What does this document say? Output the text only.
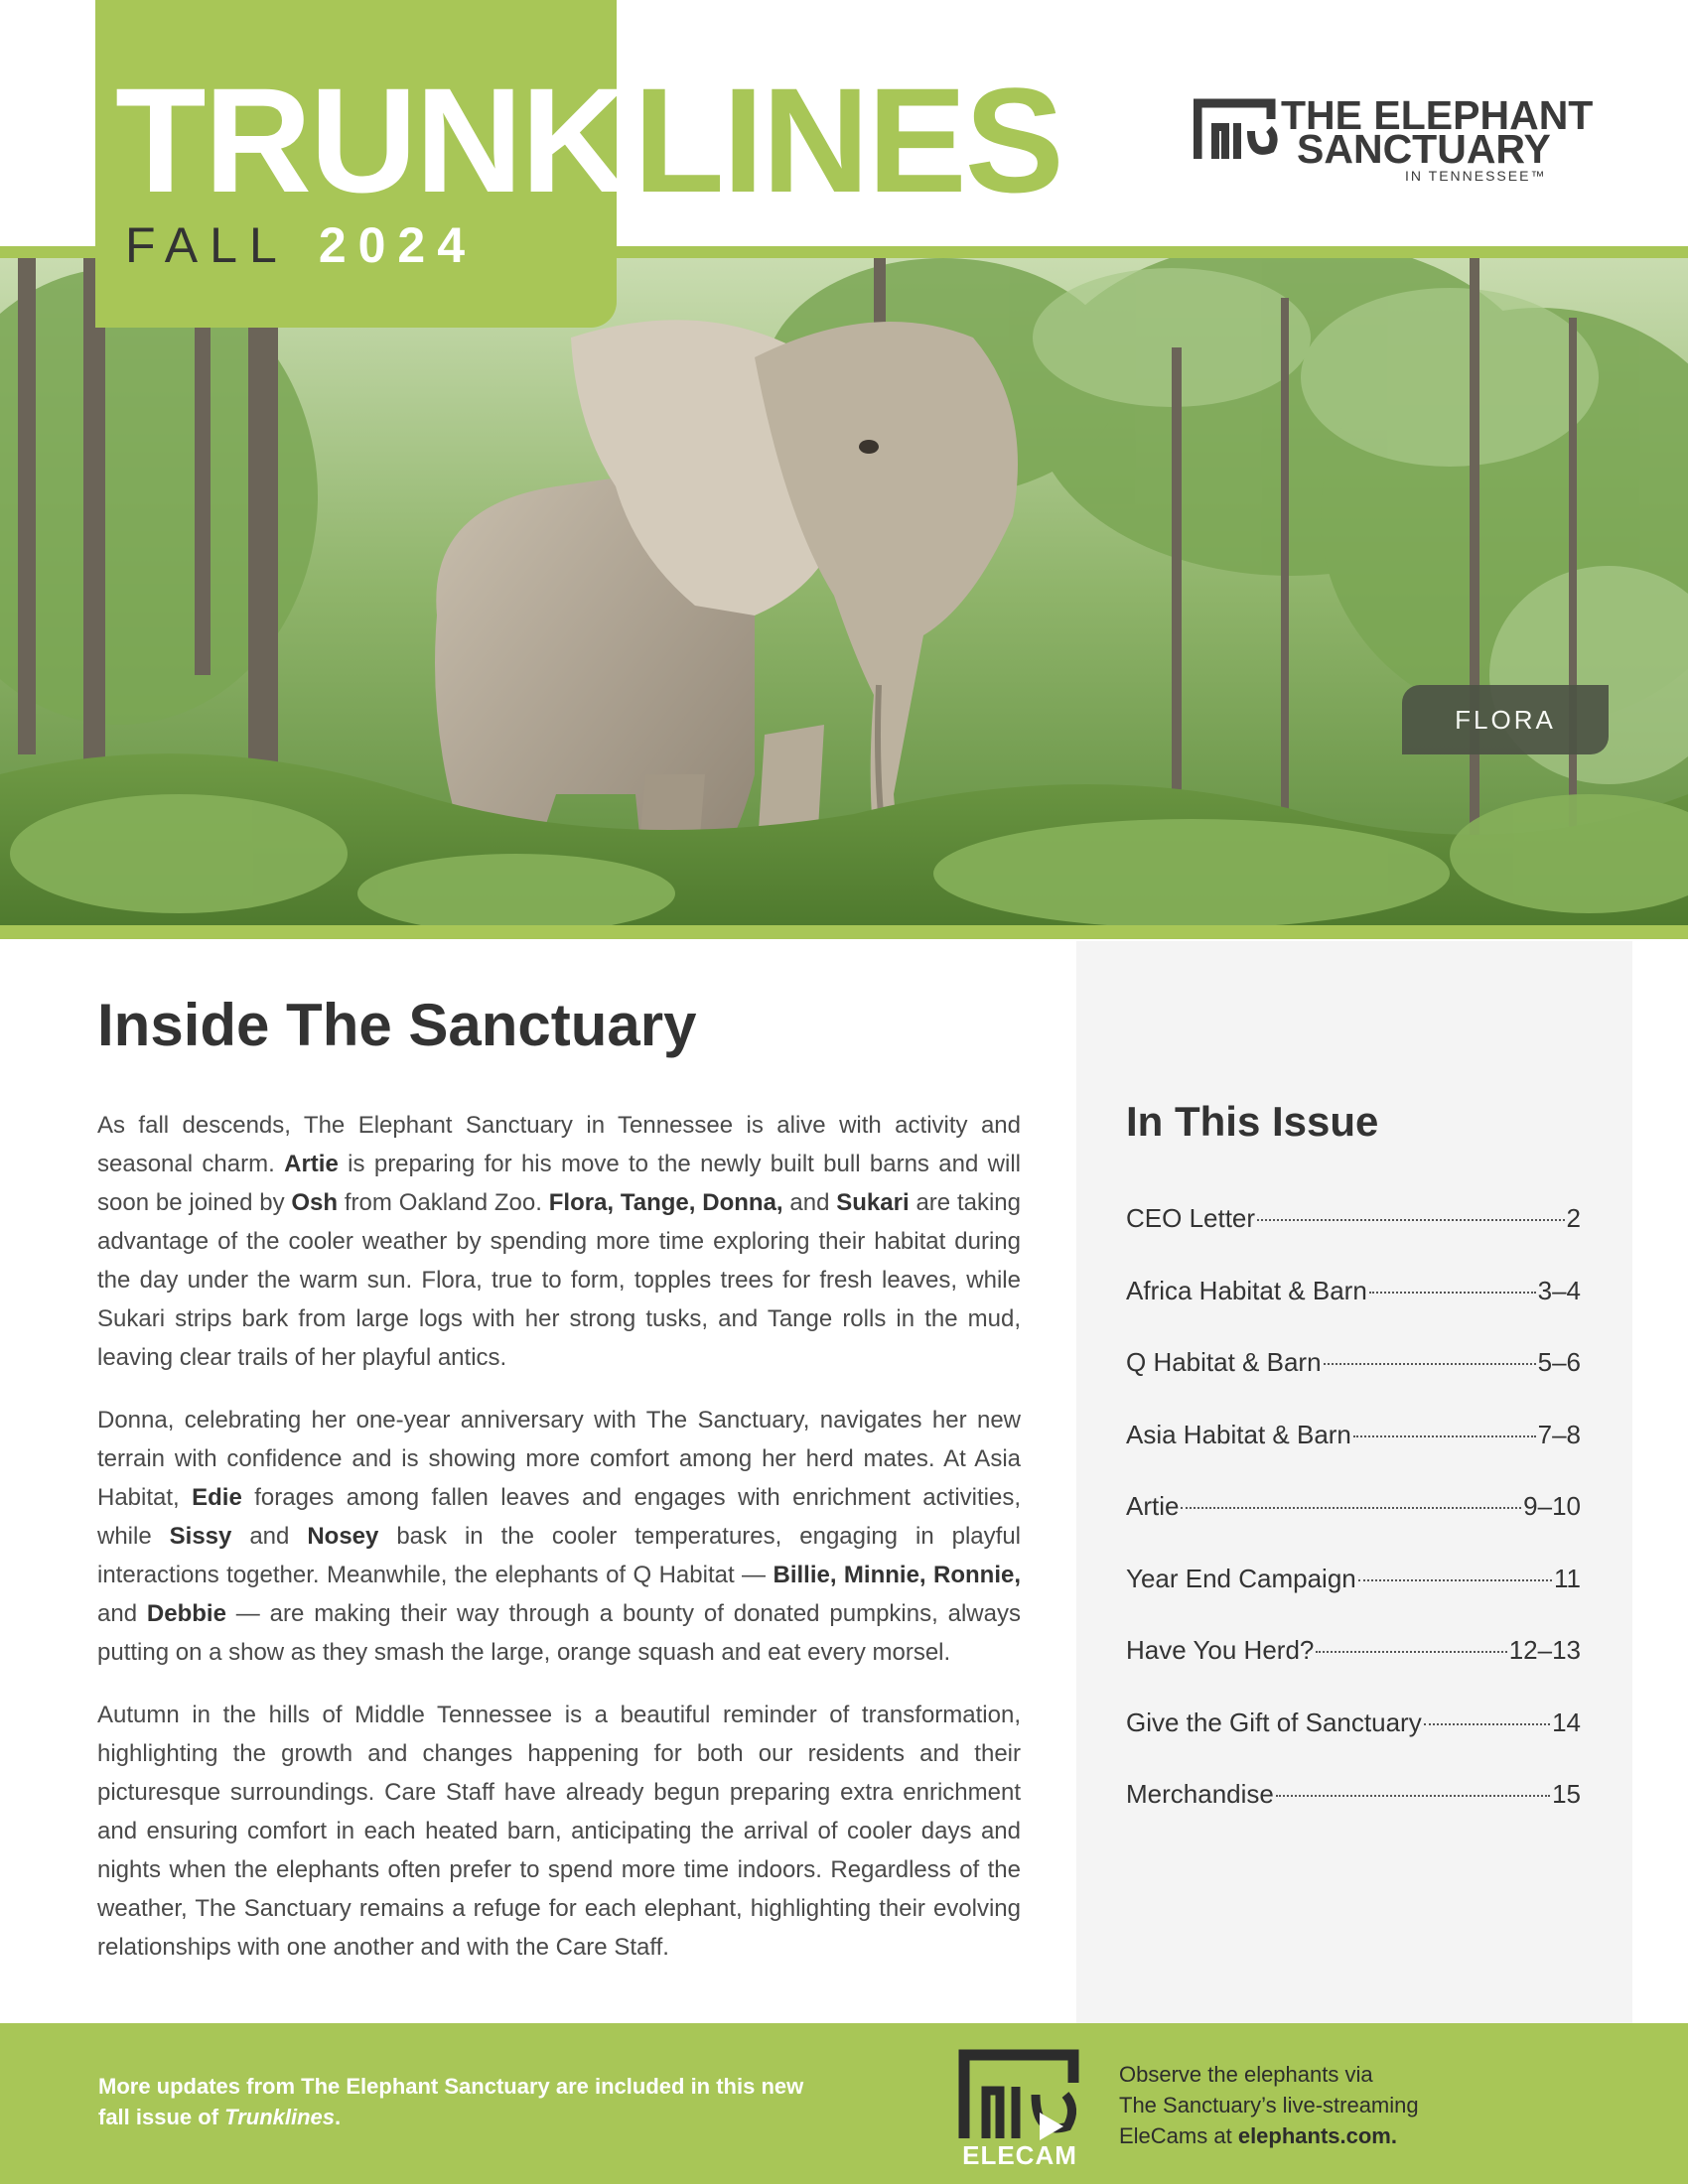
TRUNK
FALL 2024
LINES	THE ELEPHANT
SANCTUARY
IN TENNESSEE™
FLORA
Inside The Sanctuary

As fall descends, The Elephant Sanctuary in Tennessee is alive with activity and seasonal charm. Artie is preparing for his move to the newly built bull barns and will soon be joined by Osh from Oakland Zoo. Flora, Tange, Donna, and Sukari are taking advantage of the cooler weather by spending more time exploring their habitat during the day under the warm sun. Flora, true to form, topples trees for fresh leaves, while Sukari strips bark from large logs with her strong tusks, and Tange rolls in the mud, leaving clear trails of her playful antics.

Donna, celebrating her one-year anniversary with The Sanctuary, navigates her new terrain with confidence and is showing more comfort among her herd mates. At Asia Habitat, Edie forages among fallen leaves and engages with enrichment activities, while Sissy and Nosey bask in the cooler temperatures, engaging in playful interactions together. Meanwhile, the elephants of Q Habitat — Billie, Minnie, Ronnie, and Debbie — are making their way through a bounty of donated pumpkins, always putting on a show as they smash the large, orange squash and eat every morsel.

Autumn in the hills of Middle Tennessee is a beautiful reminder of transformation, highlighting the growth and changes happening for both our residents and their picturesque surroundings. Care Staff have already begun preparing extra enrichment and ensuring comfort in each heated barn, anticipating the arrival of cooler days and nights when the elephants often prefer to spend more time indoors. Regardless of the weather, The Sanctuary remains a refuge for each elephant, highlighting their evolving relationships with one another and with the Care Staff.

In This Issue
CEO Letter	2
Africa Habitat & Barn	3–4
Q Habitat & Barn	5–6
Asia Habitat & Barn	7–8
Artie	9–10
Year End Campaign	11
Have You Herd?	12–13
Give the Gift of Sanctuary	14
Merchandise	15

More updates from The Elephant Sanctuary are included in this new fall issue of Trunklines.

ELECAM

Observe the elephants via
The Sanctuary’s live-streaming
EleCams at elephants.com.
